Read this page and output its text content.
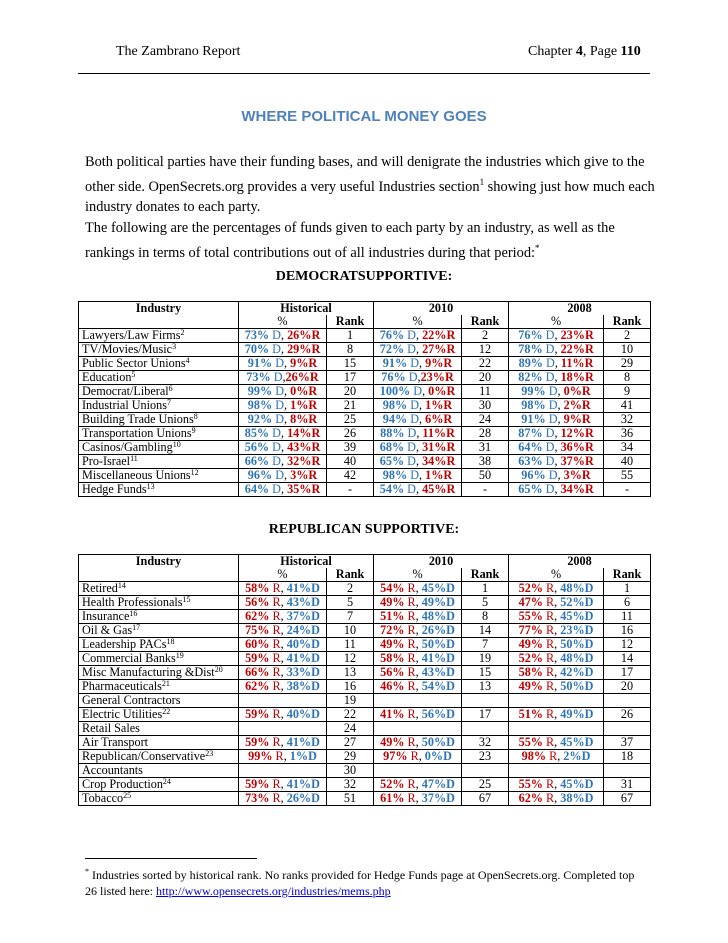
The Zambrano Report	Chapter 4, Page 110
WHERE POLITICAL MONEY GOES
Both political parties have their funding bases, and will denigrate the industries which give to the other side. OpenSecrets.org provides a very useful Industries section$^1$ showing just how much each industry donates to each party.
The following are the percentages of funds given to each party by an industry, as well as the rankings in terms of total contributions out of all industries during that period:*
DEMOCRATSUPPORTIVE:
Industry	Historical		2010		2008	
	%	Rank	%	Rank	%	Rank
Lawyers/Law Firms$^2$	73% D, 26%R	1	76% D, 22%R	2	76% D, 23%R	2
TV/Movies/Music$^3$	70% D, 29%R	8	72% D, 27%R	12	78% D, 22%R	10
Public Sector Unions$^4$	91% D, 9%R	15	91% D, 9%R	22	89% D, 11%R	29
Education$^5$	73% D,26%R	17	76% D,23%R	20	82% D, 18%R	8
Democrat/Liberal$^6$	99% D, 0%R	20	100% D, 0%R	11	99% D, 0%R	9
Industrial Unions$^7$	98% D, 1%R	21	98% D, 1%R	30	98% D, 2%R	41
Building Trade Unions$^8$	92% D, 8%R	25	94% D, 6%R	24	91% D, 9%R	32
Transportation Unions$^9$	85% D, 14%R	26	88% D, 11%R	28	87% D, 12%R	36
Casinos/Gambling$^{10}$	56% D, 43%R	39	68% D, 31%R	31	64% D, 36%R	34
Pro-Israel$^{11}$	66% D, 32%R	40	65% D, 34%R	38	63% D, 37%R	40
Miscellaneous Unions$^{12}$	96% D, 3%R	42	98% D, 1%R	50	96% D, 3%R	55
Hedge Funds$^{13}$	64% D, 35%R	-	54% D, 45%R	-	65% D, 34%R	-
REPUBLICAN SUPPORTIVE:
Industry	Historical		2010		2008	
	%	Rank	%	Rank	%	Rank
Retired$^{14}$	58% R, 41%D	2	54% R, 45%D	1	52% R, 48%D	1
Health Professionals$^{15}$	56% R, 43%D	5	49% R, 49%D	5	47% R, 52%D	6
Insurance$^{16}$	62% R, 37%D	7	51% R, 48%D	8	55% R, 45%D	11
Oil & Gas$^{17}$	75% R, 24%D	10	72% R, 26%D	14	77% R, 23%D	16
Leadership PACs$^{18}$	60% R, 40%D	11	49% R, 50%D	7	49% R, 50%D	12
Commercial Banks$^{19}$	59% R, 41%D	12	58% R, 41%D	19	52% R, 48%D	14
Misc Manufacturing &Dist$^{20}$	66% R, 33%D	13	56% R, 43%D	15	58% R, 42%D	17
Pharmaceuticals$^{21}$	62% R, 38%D	16	46% R, 54%D	13	49% R, 50%D	20
General Contractors		19				
Electric Utilities$^{22}$	59% R, 40%D	22	41% R, 56%D	17	51% R, 49%D	26
Retail Sales		24				
Air Transport	59% R, 41%D	27	49% R, 50%D	32	55% R, 45%D	37
Republican/Conservative$^{23}$	99% R, 1%D	29	97% R, 0%D	23	98% R, 2%D	18
Accountants		30				
Crop Production$^{24}$	59% R, 41%D	32	52% R, 47%D	25	55% R, 45%D	31
Tobacco$^{25}$	73% R, 26%D	51	61% R, 37%D	67	62% R, 38%D	67
* Industries sorted by historical rank. No ranks provided for Hedge Funds page at OpenSecrets.org. Completed top 26 listed here: http://www.opensecrets.org/industries/mems.php
